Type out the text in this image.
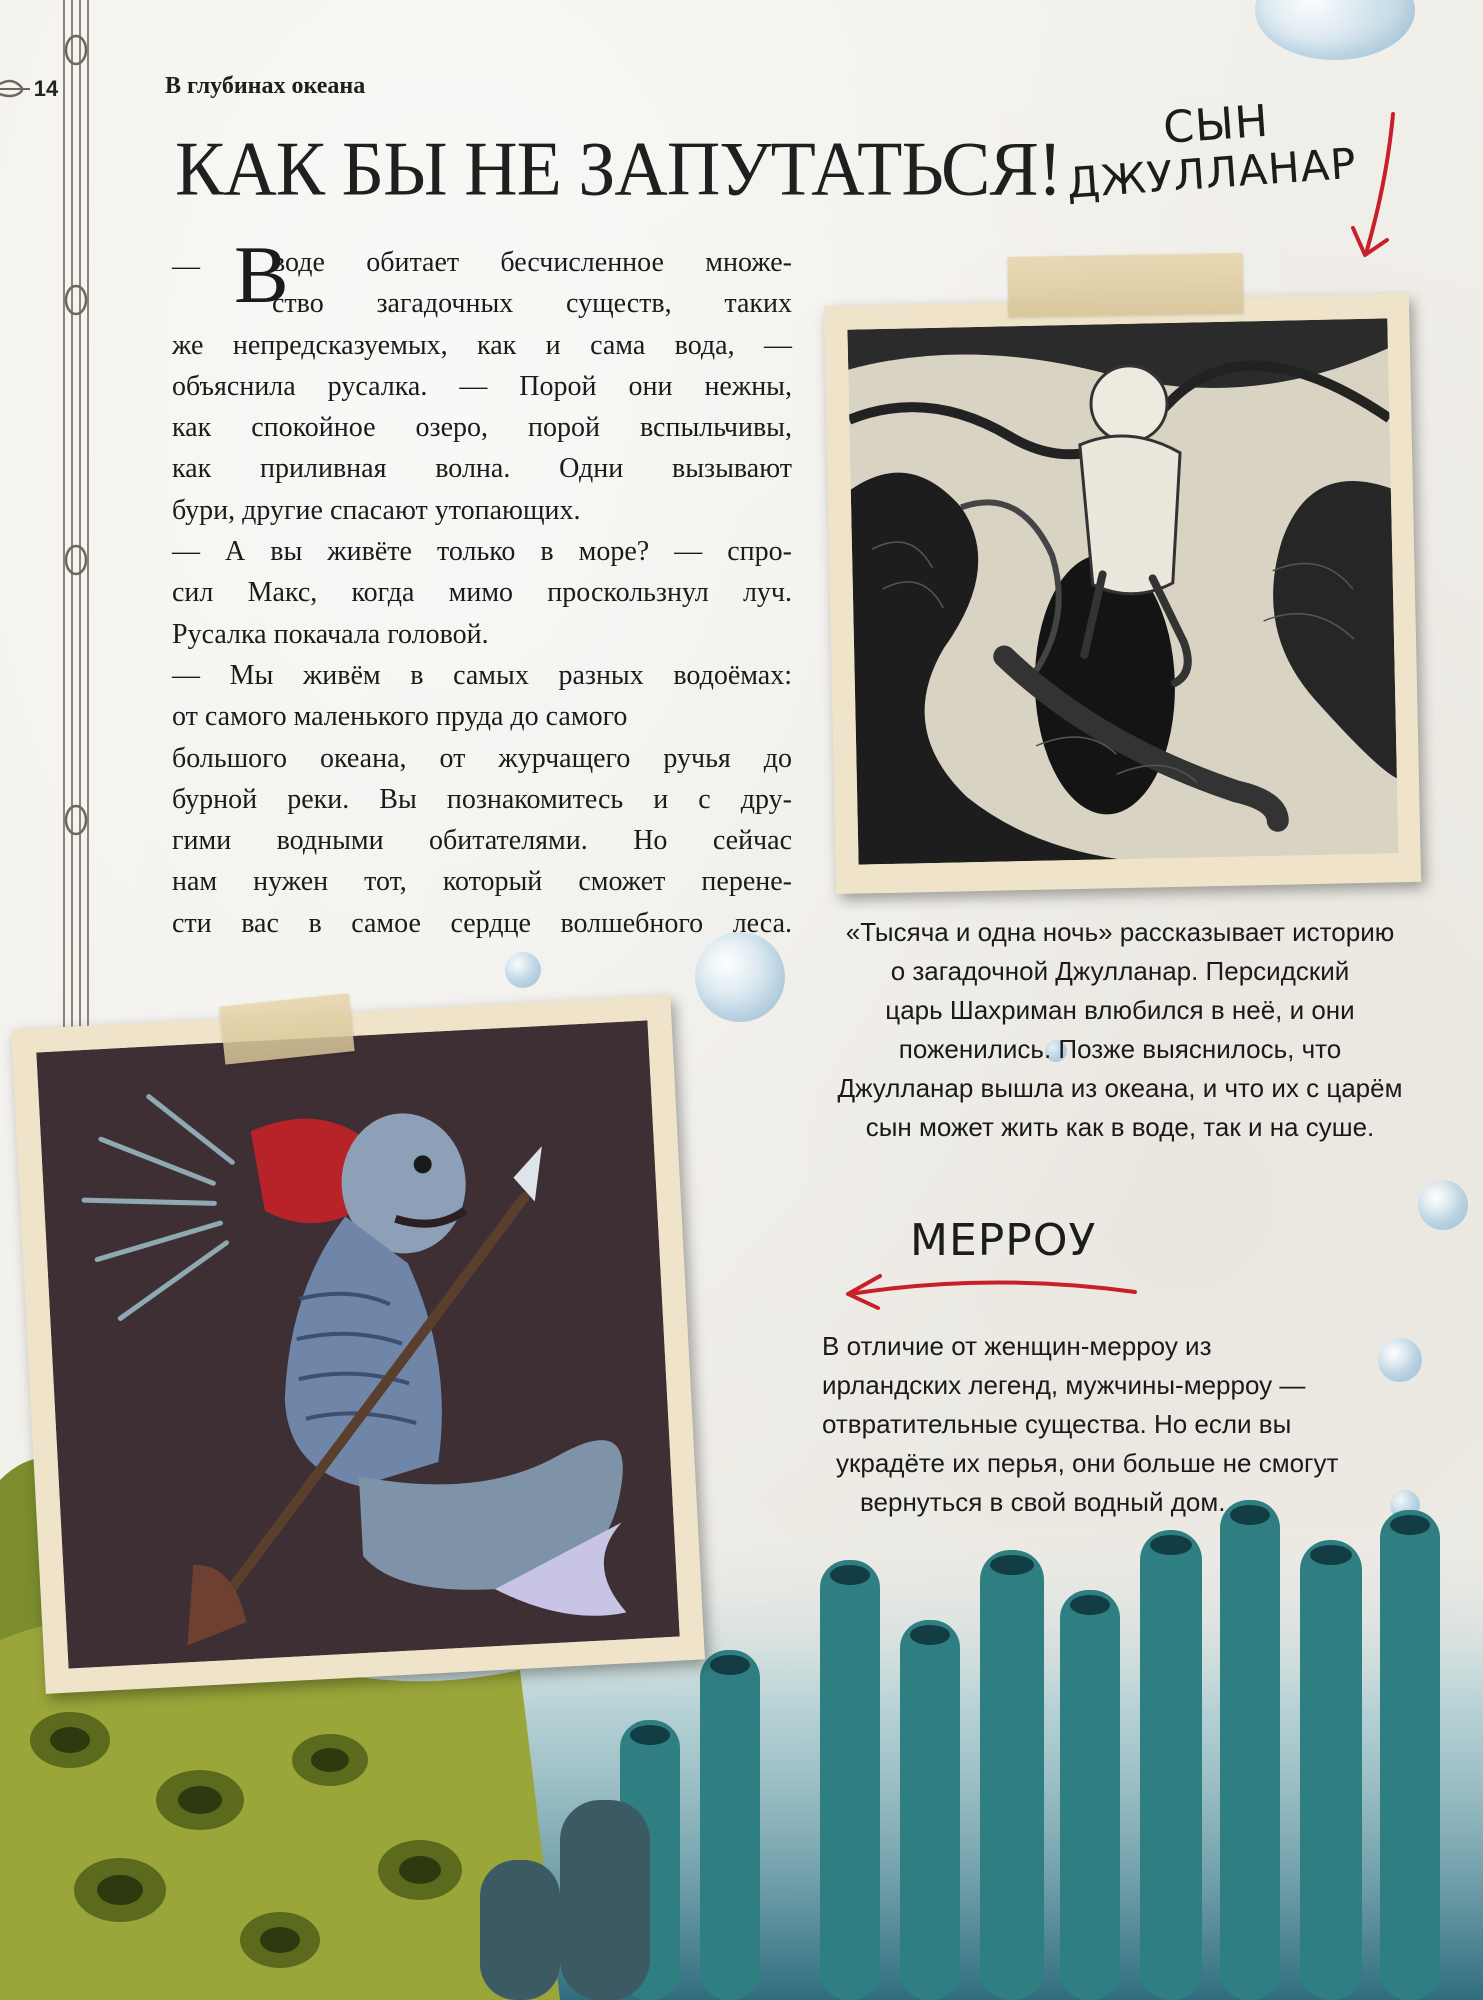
14	В глубинах океана
КАК БЫ НЕ ЗАПУТАТЬСЯ!
— В
воде обитает бесчисленное множе-
ство загадочных существ, таких
же непредсказуемых, как и сама вода, —
объяснила русалка. — Порой они нежны,
как спокойное озеро, порой вспыльчивы,
как приливная волна. Одни вызывают
бури, другие спасают утопающих.
— А вы живёте только в море? — спро-
сил Макс, когда мимо проскользнул луч.
Русалка покачала головой.
— Мы живём в самых разных водоёмах:
от самого маленького пруда до самого
большого океана, от журчащего ручья до
бурной реки. Вы познакомитесь и с дру-
гими водными обитателями. Но сейчас
нам нужен тот, который сможет перене-
сти вас в самое сердце волшебного леса.
СЫН
ДЖУЛЛАНАР
«Тысяча и одна ночь» рассказывает историю
о загадочной Джулланар. Персидский
царь Шахриман влюбился в неё, и они
поженились. Позже выяснилось, что
Джулланар вышла из океана, и что их с царём
сын может жить как в воде, так и на суше.
МЕРРОУ
В отличие от женщин-мерроу из
ирландских легенд, мужчины-мерроу —
отвратительные существа. Но если вы
украдёте их перья, они больше не смогут
вернуться в свой водный дом.
